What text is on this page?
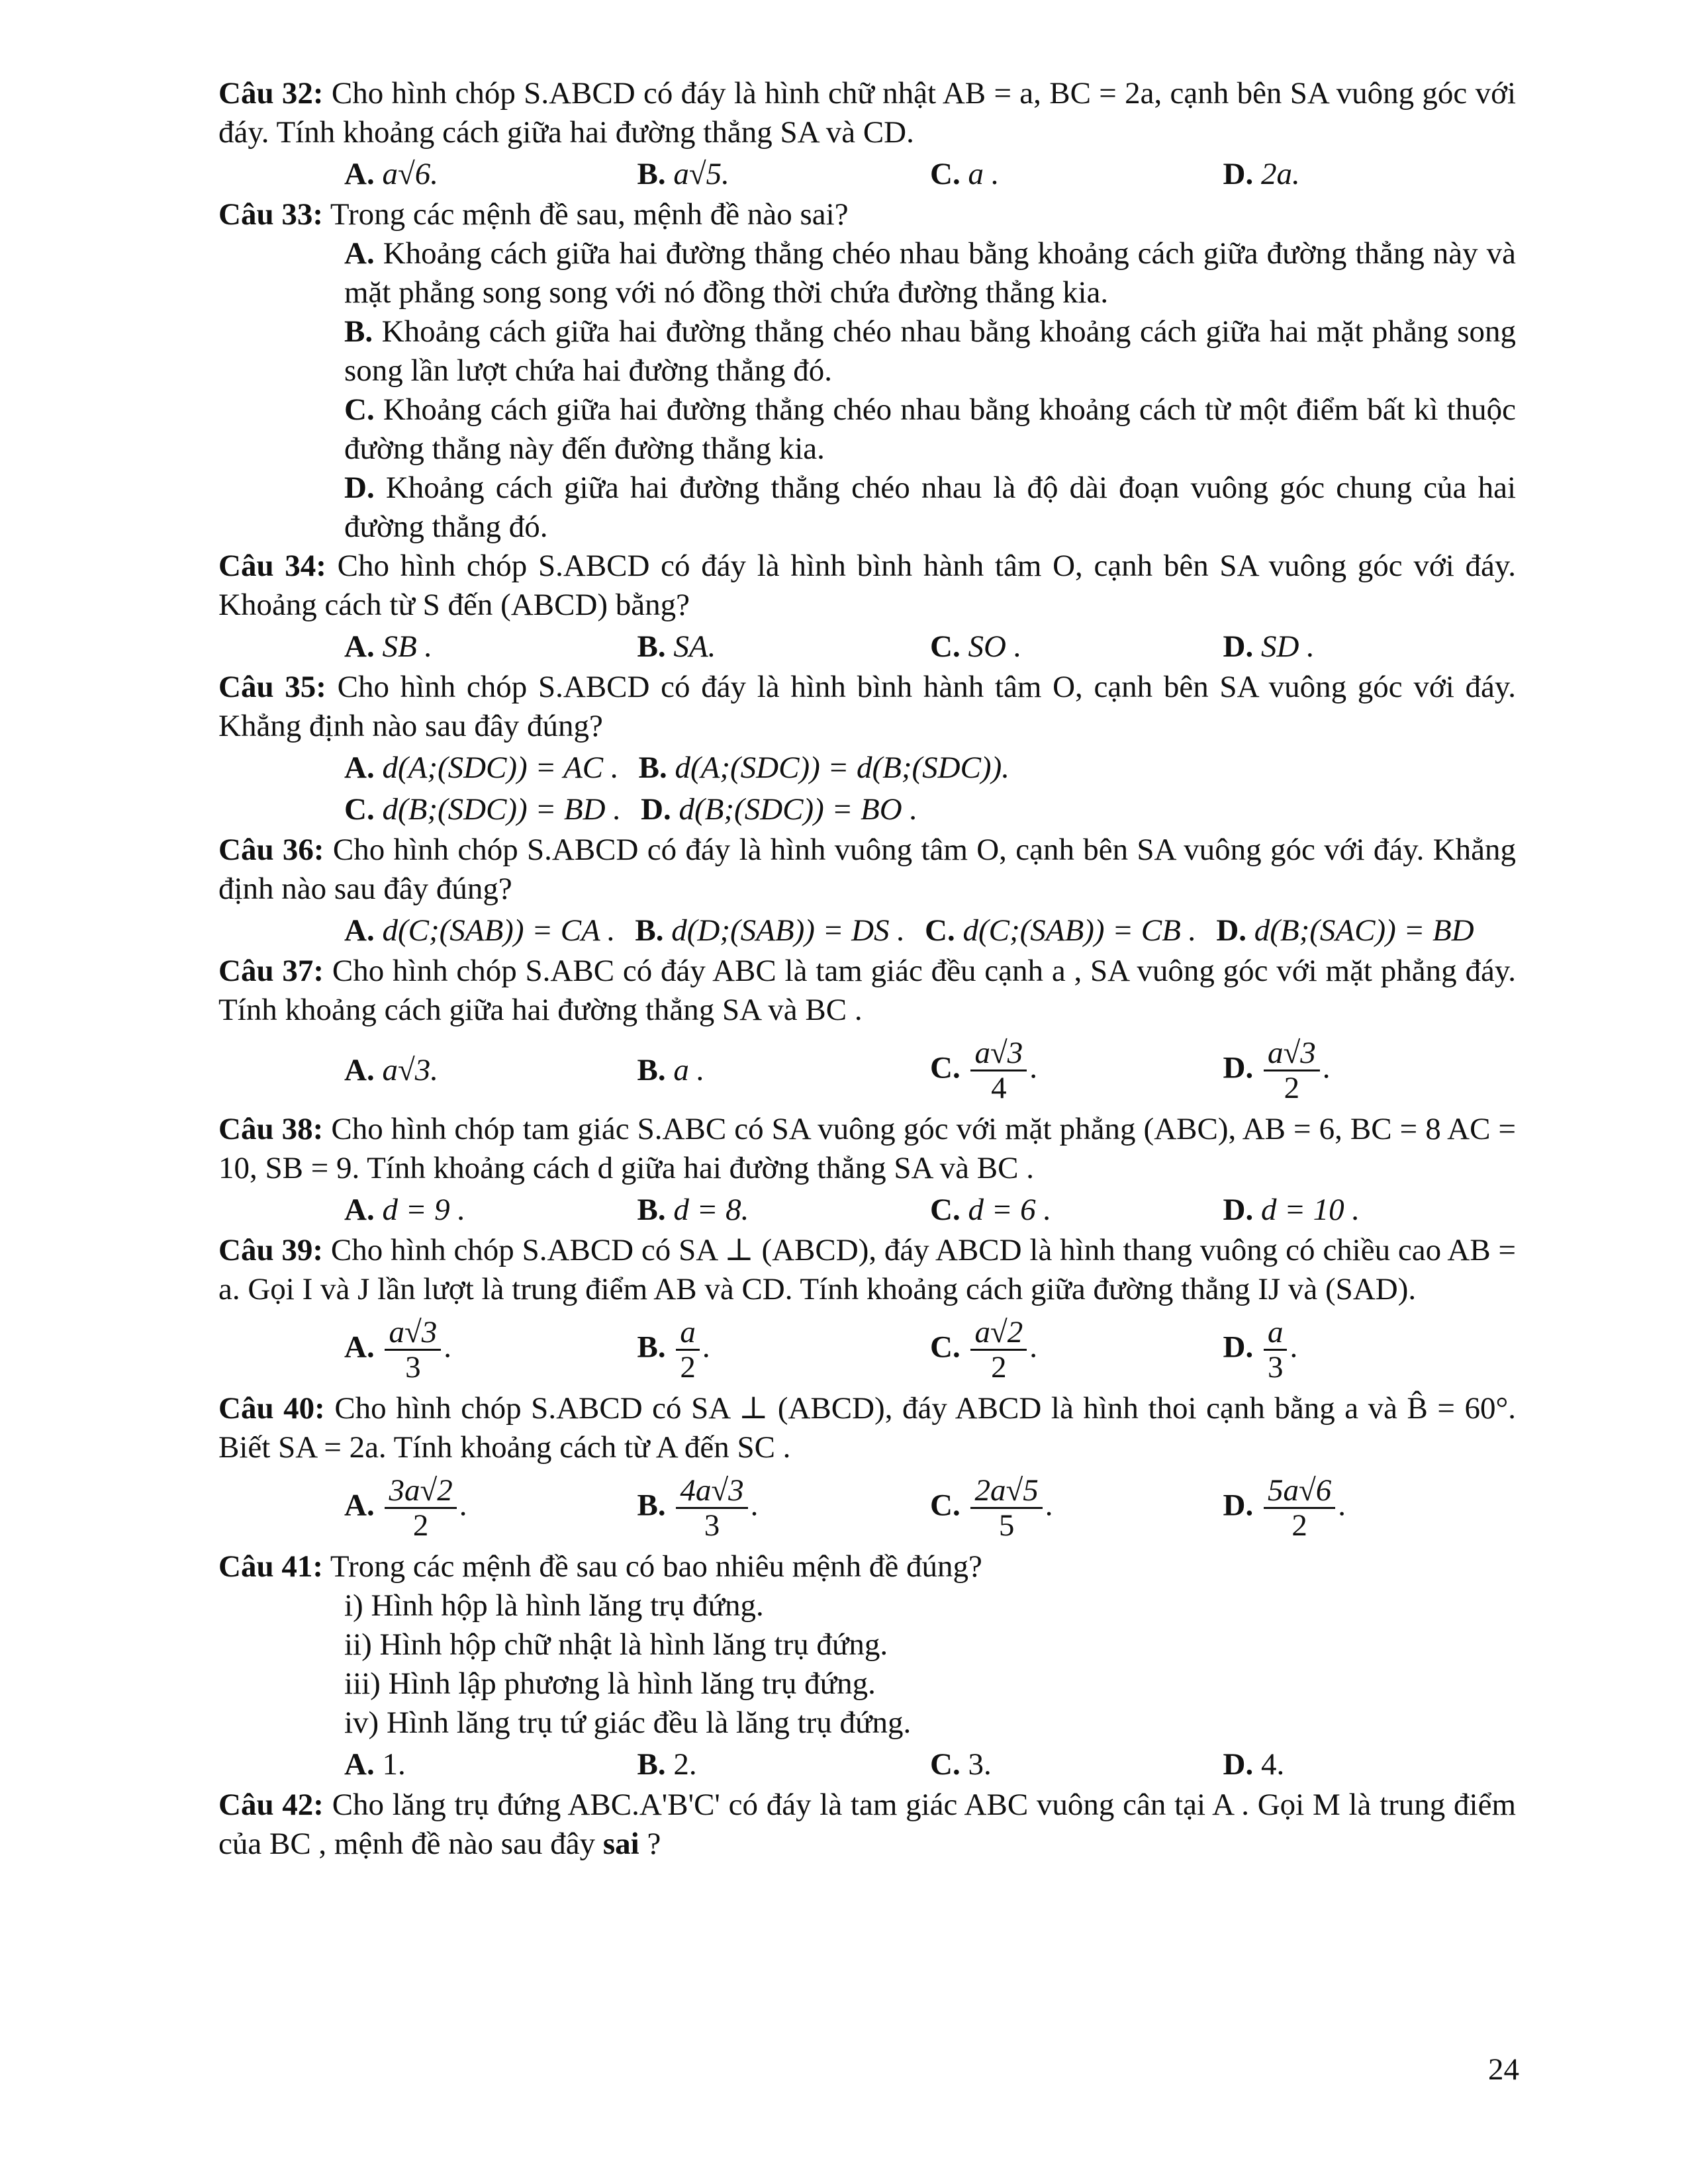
Câu 32: Cho hình chóp S.ABCD có đáy là hình chữ nhật AB = a, BC = 2a, cạnh bên SA vuông góc với đáy. Tính khoảng cách giữa hai đường thẳng SA và CD.

A. a√6.	B. a√5.	C. a .	D. 2a.

Câu 33: Trong các mệnh đề sau, mệnh đề nào sai?

A. Khoảng cách giữa hai đường thẳng chéo nhau bằng khoảng cách giữa đường thẳng này và mặt phẳng song song với nó đồng thời chứa đường thẳng kia.

B. Khoảng cách giữa hai đường thẳng chéo nhau bằng khoảng cách giữa hai mặt phẳng song song lần lượt chứa hai đường thẳng đó.

C. Khoảng cách giữa hai đường thẳng chéo nhau bằng khoảng cách từ một điểm bất kì thuộc đường thẳng này đến đường thẳng kia.

D. Khoảng cách giữa hai đường thẳng chéo nhau là độ dài đoạn vuông góc chung của hai đường thẳng đó.

Câu 34: Cho hình chóp S.ABCD có đáy là hình bình hành tâm O, cạnh bên SA vuông góc với đáy. Khoảng cách từ S đến (ABCD) bằng?

A. SB .	B. SA.	C. SO .	D. SD .

Câu 35: Cho hình chóp S.ABCD có đáy là hình bình hành tâm O, cạnh bên SA vuông góc với đáy. Khẳng định nào sau đây đúng?

A. d(A;(SDC)) = AC . B. d(A;(SDC)) = d(B;(SDC)).
C. d(B;(SDC)) = BD . D. d(B;(SDC)) = BO .

Câu 36: Cho hình chóp S.ABCD có đáy là hình vuông tâm O, cạnh bên SA vuông góc với đáy. Khẳng định nào sau đây đúng?

A. d(C;(SAB)) = CA . B. d(D;(SAB)) = DS . C. d(C;(SAB)) = CB . D. d(B;(SAC)) = BD

Câu 37: Cho hình chóp S.ABC có đáy ABC là tam giác đều cạnh a , SA vuông góc với mặt phẳng đáy. Tính khoảng cách giữa hai đường thẳng SA và BC .

A. a√3.	B. a .	C. $\frac{a√3}{4}$ .	D. $\frac{a√3}{2}$ .

Câu 38: Cho hình chóp tam giác S.ABC có SA vuông góc với mặt phẳng (ABC), AB = 6, BC = 8 AC = 10, SB = 9. Tính khoảng cách d giữa hai đường thẳng SA và BC .

A. d = 9 .	B. d = 8.	C. d = 6 .	D. d = 10 .

Câu 39: Cho hình chóp S.ABCD có SA ⊥ (ABCD), đáy ABCD là hình thang vuông có chiều cao AB = a. Gọi I và J lần lượt là trung điểm AB và CD. Tính khoảng cách giữa đường thẳng IJ và (SAD).

A. $\frac{a√3}{3}$ .	B. $\frac{a}{2}$ .	C. $\frac{a√2}{2}$ .	D. $\frac{a}{3}$ .

Câu 40: Cho hình chóp S.ABCD có SA ⊥ (ABCD), đáy ABCD là hình thoi cạnh bằng a và B̂ = 60°. Biết SA = 2a. Tính khoảng cách từ A đến SC .

A. $\frac{3a√2}{2}$ .	B. $\frac{4a√3}{3}$ .	C. $\frac{2a√5}{5}$ .	D. $\frac{5a√6}{2}$ .

Câu 41: Trong các mệnh đề sau có bao nhiêu mệnh đề đúng?

i) Hình hộp là hình lăng trụ đứng.

ii) Hình hộp chữ nhật là hình lăng trụ đứng.

iii) Hình lập phương là hình lăng trụ đứng.

iv) Hình lăng trụ tứ giác đều là lăng trụ đứng.

A. 1.	B. 2.	C. 3.	D. 4.

Câu 42: Cho lăng trụ đứng ABC.A'B'C' có đáy là tam giác ABC vuông cân tại A . Gọi M là trung điểm của BC , mệnh đề nào sau đây sai ?

24
